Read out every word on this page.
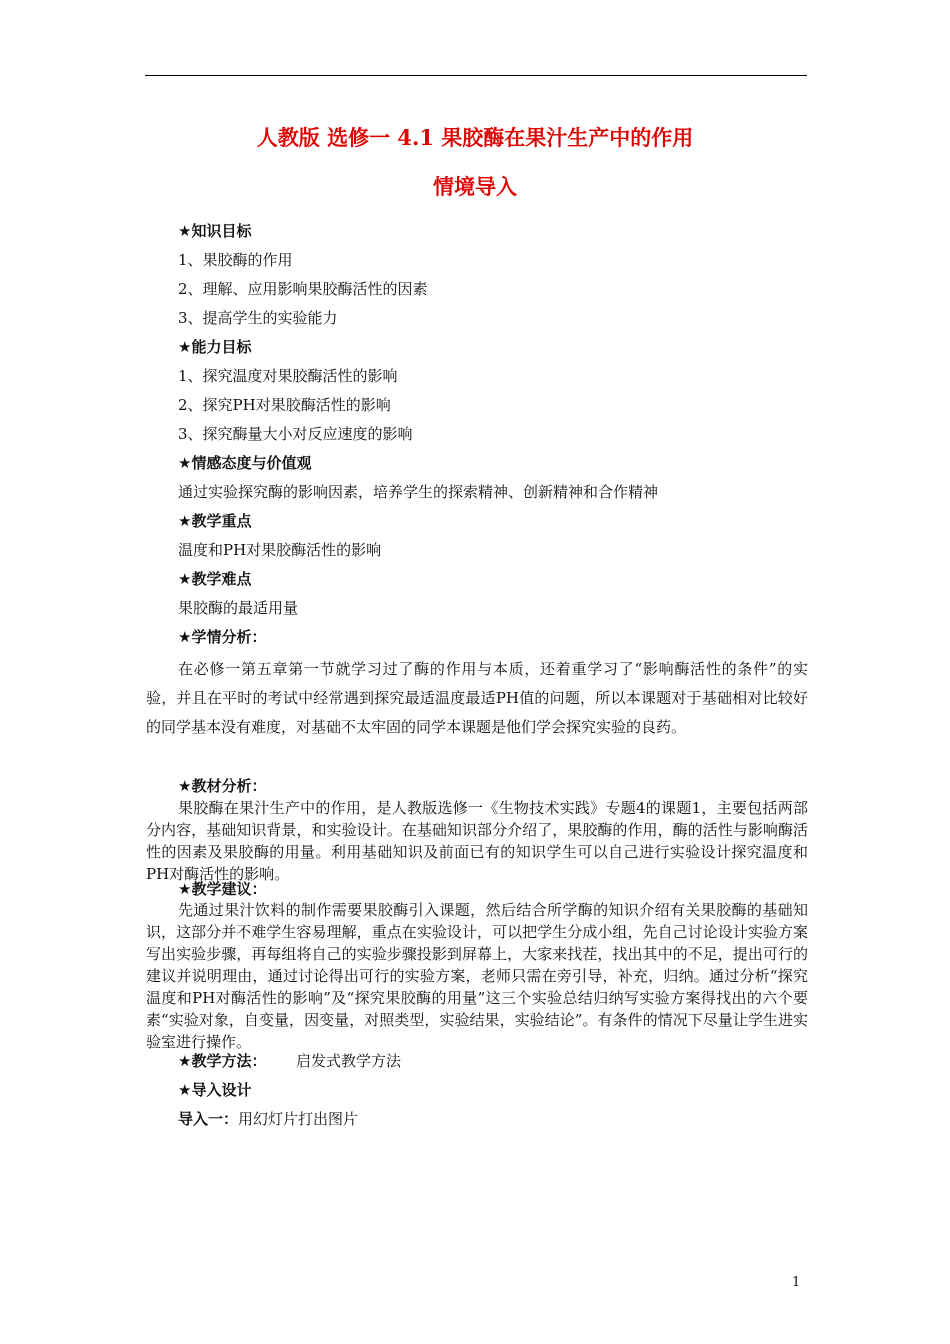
人教版 选修一 4.1 果胶酶在果汁生产中的作用
情境导入
★知识目标
1、果胶酶的作用
2、理解、应用影响果胶酶活性的因素
3、提高学生的实验能力
★能力目标
1、探究温度对果胶酶活性的影响
2、探究PH对果胶酶活性的影响
3、探究酶量大小对反应速度的影响
★情感态度与价值观
通过实验探究酶的影响因素，培养学生的探索精神、创新精神和合作精神
★教学重点
温度和PH对果胶酶活性的影响
★教学难点
果胶酶的最适用量
★学情分析：
在必修一第五章第一节就学习过了酶的作用与本质，还着重学习了“影响酶活性的条件”的实验，并且在平时的考试中经常遇到探究最适温度最适PH值的问题，所以本课题对于基础相对比较好的同学基本没有难度，对基础不太牢固的同学本课题是他们学会探究实验的良药。
★教材分析：
果胶酶在果汁生产中的作用，是人教版选修一《生物技术实践》专题4的课题1，主要包括两部分内容，基础知识背景，和实验设计。在基础知识部分介绍了，果胶酶的作用，酶的活性与影响酶活性的因素及果胶酶的用量。利用基础知识及前面已有的知识学生可以自己进行实验设计探究温度和PH对酶活性的影响。
★教学建议：
先通过果汁饮料的制作需要果胶酶引入课题，然后结合所学酶的知识介绍有关果胶酶的基础知识，这部分并不难学生容易理解，重点在实验设计，可以把学生分成小组，先自己讨论设计实验方案写出实验步骤，再每组将自己的实验步骤投影到屏幕上，大家来找茬，找出其中的不足，提出可行的建议并说明理由，通过讨论得出可行的实验方案，老师只需在旁引导，补充，归纳。通过分析“探究温度和PH对酶活性的影响”及“探究果胶酶的用量”这三个实验总结归纳写实验方案得找出的六个要素“实验对象，自变量，因变量，对照类型，实验结果，实验结论”。有条件的情况下尽量让学生进实验室进行操作。
★教学方法： 启发式教学方法
★导入设计
导入一：用幻灯片打出图片
1
